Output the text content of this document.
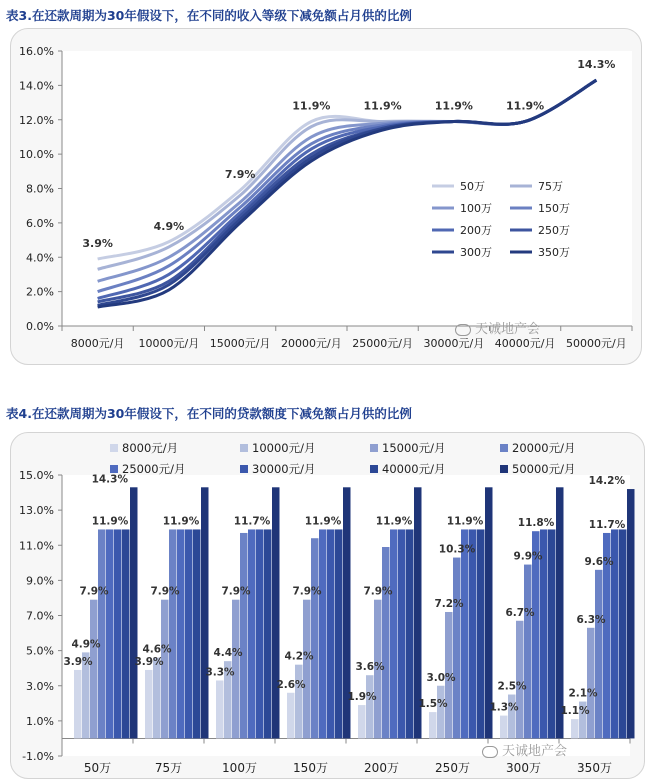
表3.在还款周期为30年假设下，在不同的收入等级下减免额占月供的比例
0.0%
2.0%
4.0%
6.0%
8.0%
10.0%
12.0%
14.0%
16.0%
8000元/月 10000元/月 15000元/月 20000元/月 25000元/月 30000元/月 40000元/月 50000元/月
3.9%
4.9%
7.9%
11.9%	11.9%	11.9%	11.9%
14.3%
50万	75万
100万	150万
200万	250万
300万	350万
天诚地产会
表4.在还款周期为30年假设下，在不同的贷款额度下减免额占月供的比例
-1.0%
1.0%
3.0%
5.0%
7.0%
9.0%
11.0%
13.0%
15.0%
50万	75万	100万	150万	200万	250万	300万	350万
3.9%
4.9%
7.9%
11.9%
14.3%
3.9%
4.6%
7.9%
11.9%
3.3%
4.4%
7.9%
11.7%
2.6%
4.2%
7.9%
11.9%
1.9%
3.6%
7.9%
11.9%
1.5%
3.0%
7.2%
10.3%
11.9%
1.3%
2.5%
6.7%
9.9%
11.8%
1.1%
2.1%
6.3%
9.6%
11.7%
14.2%
8000元/月	10000元/月	15000元/月	20000元/月
25000元/月	30000元/月	40000元/月	50000元/月
天诚地产会
